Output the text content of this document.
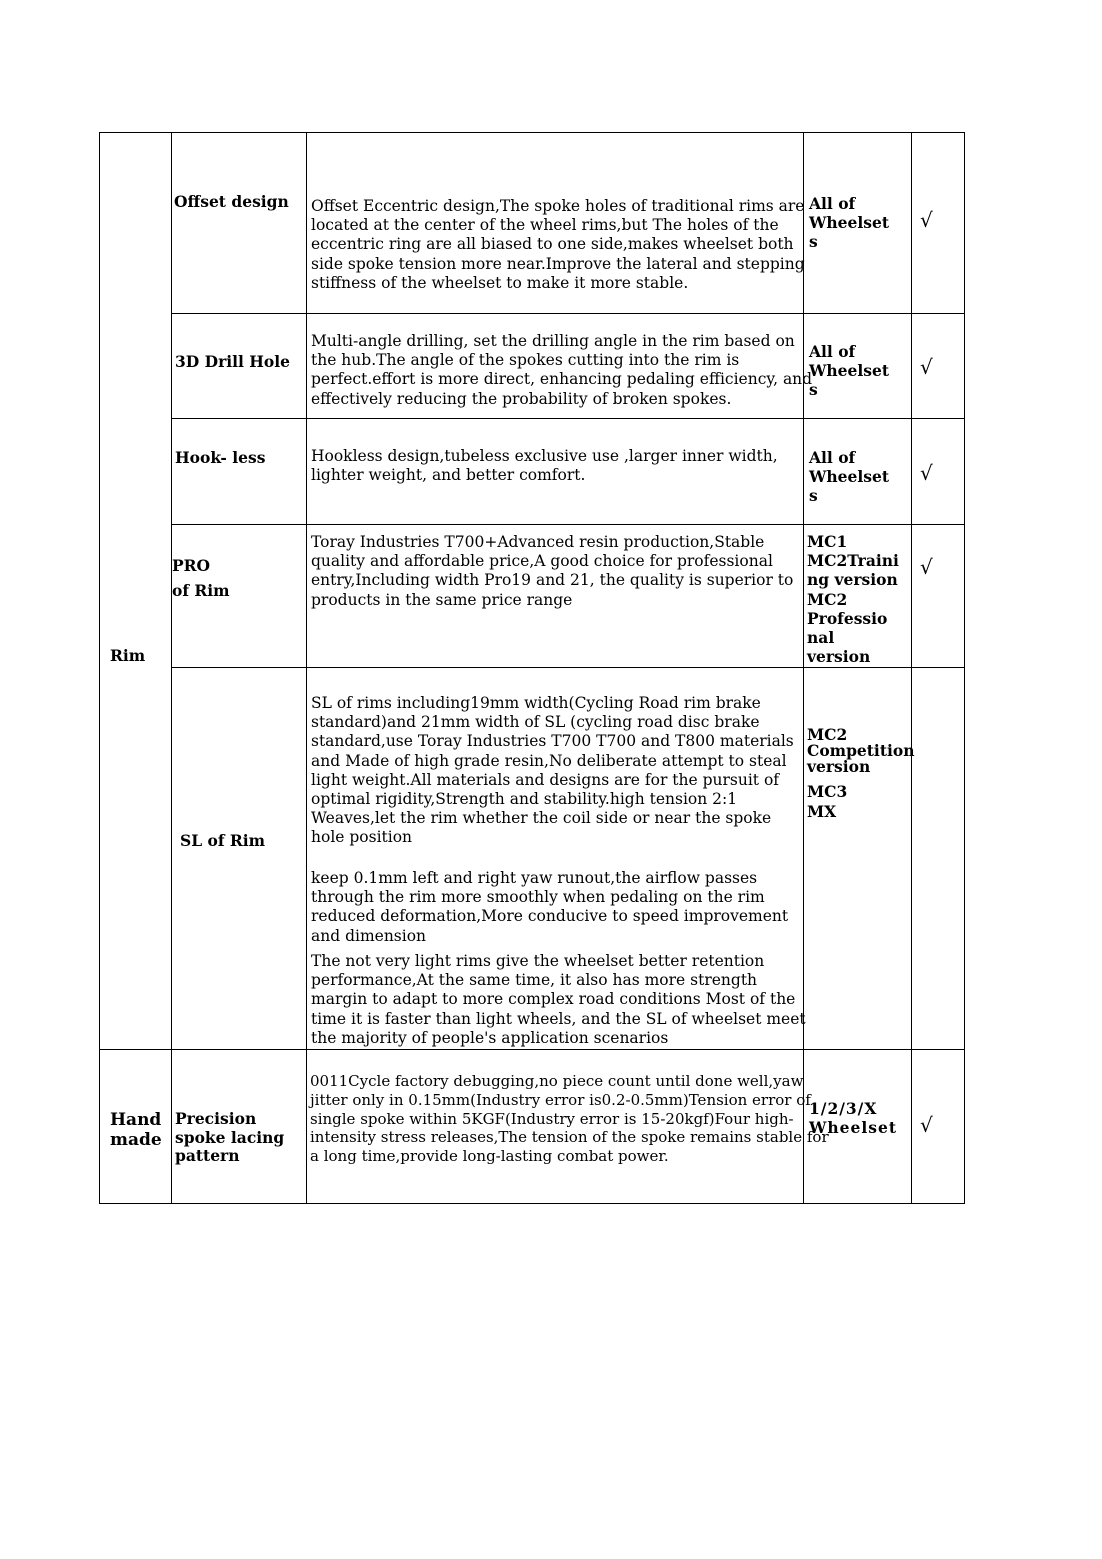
Rim
Hand
made
Offset design Offset Eccentric design,The spoke holes of traditional rims are
located at the center of the wheel rims,but The holes of the
eccentric ring are all biased to one side,makes wheelset both
side spoke tension more near.Improve the lateral and stepping
stiffness of the wheelset to make it more stable.
All of
Wheelset
s
√
3D Drill Hole
Multi-angle drilling, set the drilling angle in the rim based on
the hub.The angle of the spokes cutting into the rim is
perfect.effort is more direct, enhancing pedaling efficiency, and
effectively reducing the probability of broken spokes.
All of
Wheelset
s
√
Hook- less	Hookless design,tubeless exclusive use ,larger inner width,
lighter weight, and better comfort.
All of
Wheelset
s
√
PRO
of Rim
Toray Industries T700+Advanced resin production,Stable
quality and affordable price,A good choice for professional
entry,Including width Pro19 and 21, the quality is superior to
products in the same price range
MC1
MC2Traini
ng version
MC2
Professio
nal
version
√
SL of Rim
SL of rims including19mm width(Cycling Road rim brake
standard)and 21mm width of SL (cycling road disc brake
standard,use Toray Industries T700 T700 and T800 materials
and Made of high grade resin,No deliberate attempt to steal
light weight.All materials and designs are for the pursuit of
optimal rigidity,Strength and stability.high tension 2:1
Weaves,let the rim whether the coil side or near the spoke
hole position
keep 0.1mm left and right yaw runout,the airflow passes
through the rim more smoothly when pedaling on the rim
reduced deformation,More conducive to speed improvement
and dimension
The not very light rims give the wheelset better retention
performance,At the same time, it also has more strength
margin to adapt to more complex road conditions Most of the
time it is faster than light wheels, and the SL of wheelset meet
the majority of people's application scenarios
MC2
Competition
version
MC3
MX
Precision
spoke lacing
pattern
0011Cycle factory debugging,no piece count until done well,yaw
jitter only in 0.15mm(Industry error is0.2-0.5mm)Tension error of
single spoke within 5KGF(Industry error is 15-20kgf)Four high-
intensity stress releases,The tension of the spoke remains stable for
a long time,provide long-lasting combat power.
1/2/3/X
Wheelset √
